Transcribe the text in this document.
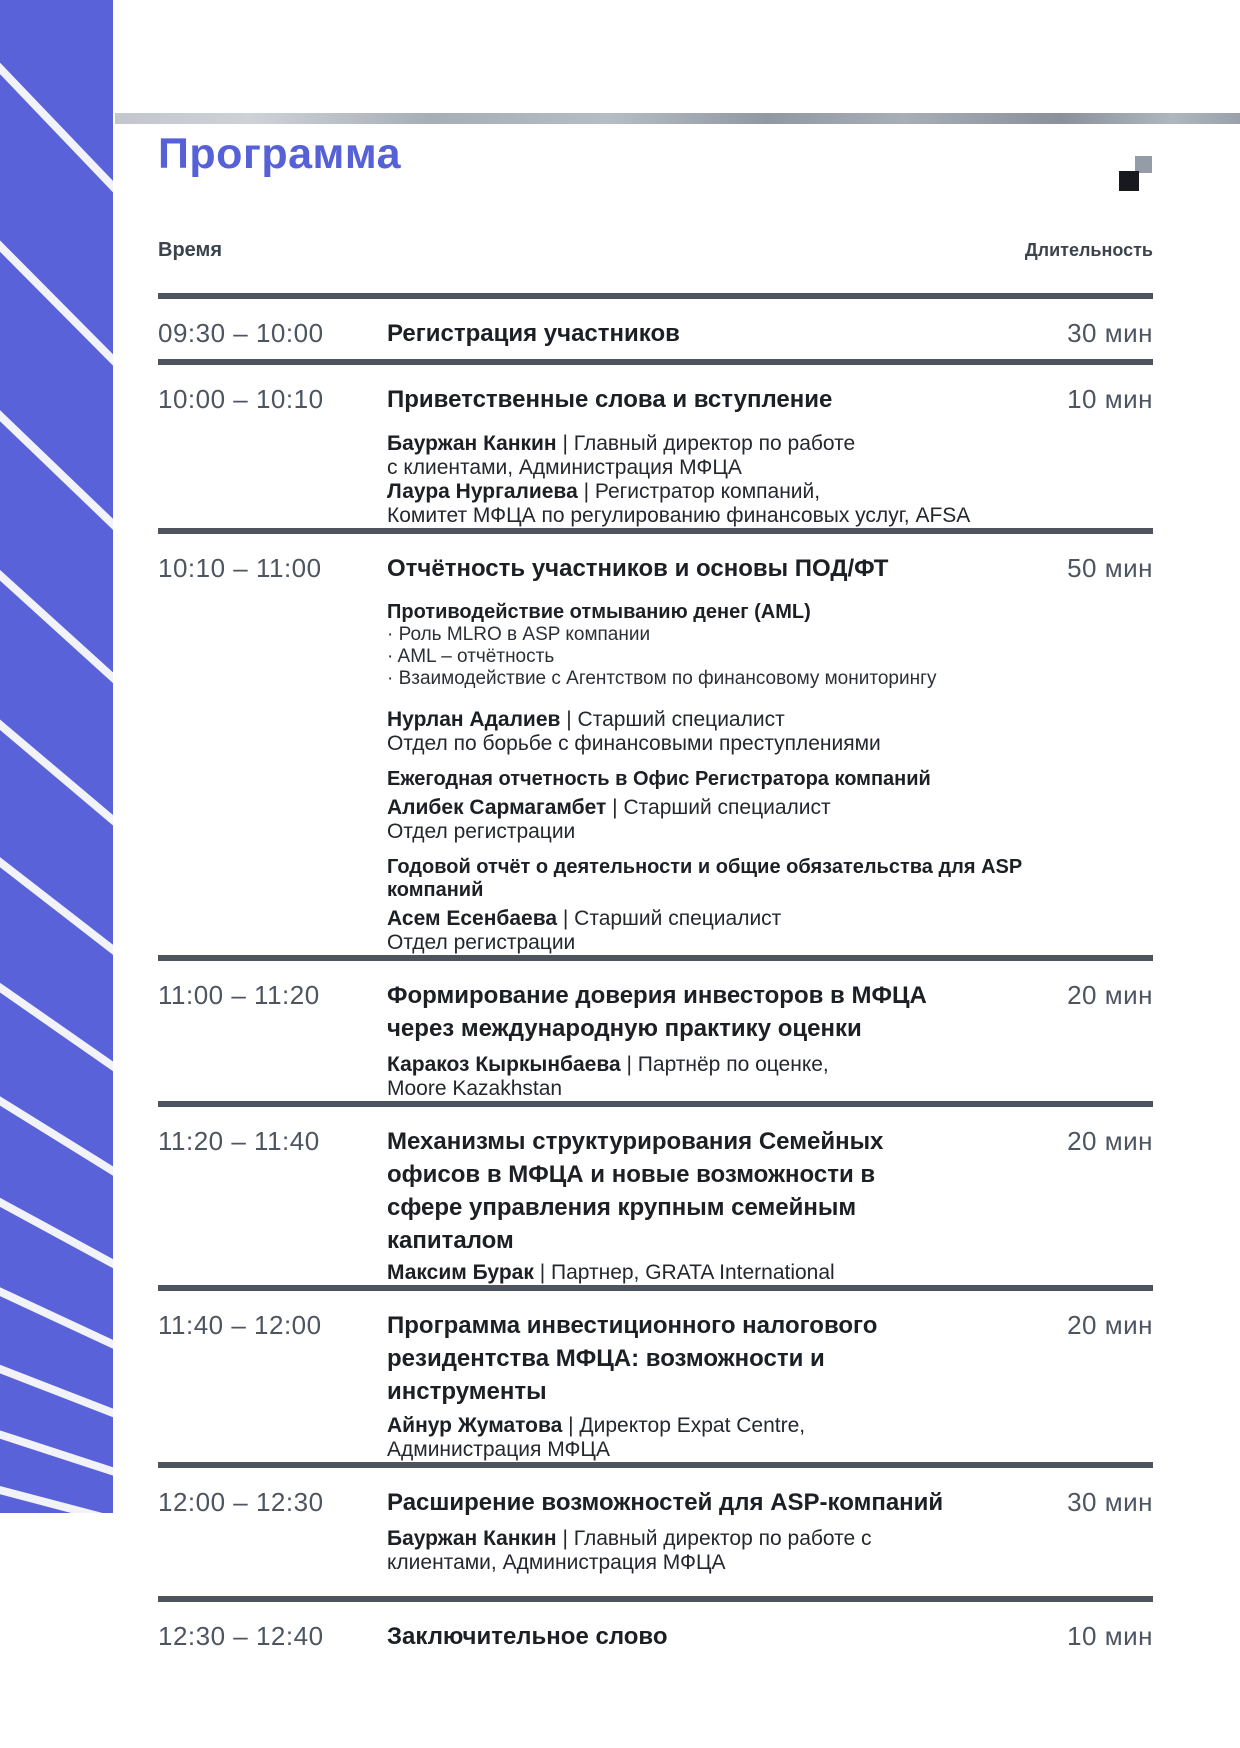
Программа
Время	Длительность
09:30 – 10:00	Регистрация участников	30 мин
10:00 – 10:10	Приветственные слова и вступление

Бауржан Канкин | Главный директор по работе

с клиентами, Администрация МФЦА

Лаура Нургалиева | Регистратор компаний,

Комитет МФЦА по регулированию финансовых услуг, AFSA

10 мин
10:10 – 11:00	Отчётность участников и основы ПОД/ФТ

Противодействие отмыванию денег (AML)

· Роль MLRO в ASP компании

· AML – отчётность

· Взаимодействие с Агентством по финансовому мониторингу

Нурлан Адалиев | Старший специалист

Отдел по борьбе с финансовыми преступлениями

Ежегодная отчетность в Офис Регистратора компаний

Алибек Сармагамбет | Старший специалист

Отдел регистрации

Годовой отчёт о деятельности и общие обязательства для ASP компаний

Асем Есенбаева | Старший специалист

Отдел регистрации

50 мин
11:00 – 11:20	Формирование доверия инвесторов в МФЦА
через международную практику оценки

Каракоз Кыркынбаева | Партнёр по оценке,

Moore Kazakhstan

20 мин
11:20 – 11:40	Механизмы структурирования Семейных
офисов в МФЦА и новые возможности в
сфере управления крупным семейным
капиталом

Максим Бурак | Партнер, GRATA International

20 мин
11:40 – 12:00	Программа инвестиционного налогового
резидентства МФЦА: возможности и
инструменты

Айнур Жуматова | Директор Expat Centre,

Администрация МФЦА

20 мин
12:00 – 12:30	Расширение возможностей для ASP-компаний

Бауржан Канкин | Главный директор по работе с

клиентами, Администрация МФЦА

30 мин
12:30 – 12:40	Заключительное слово	10 мин
